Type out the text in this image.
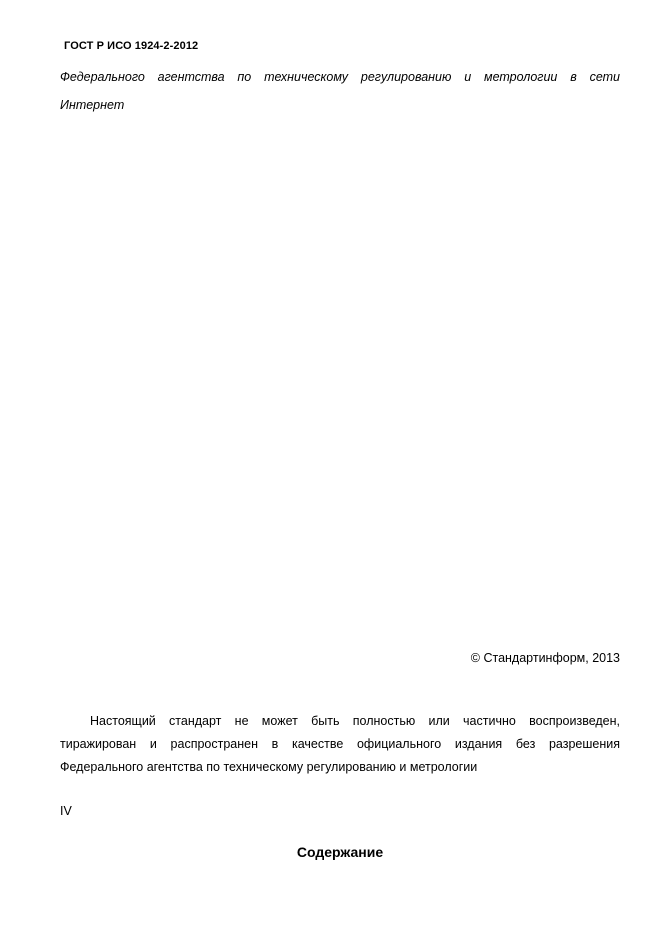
ГОСТ Р ИСО 1924-2-2012
Федерального агентства по техническому регулированию и метрологии в сети
Интернет
© Стандартинформ, 2013
Настоящий стандарт не может быть полностью или частично воспроизведен,
тиражирован и распространен в качестве официального издания без разрешения
Федерального агентства по техническому регулированию и метрологии
IV
Содержание
